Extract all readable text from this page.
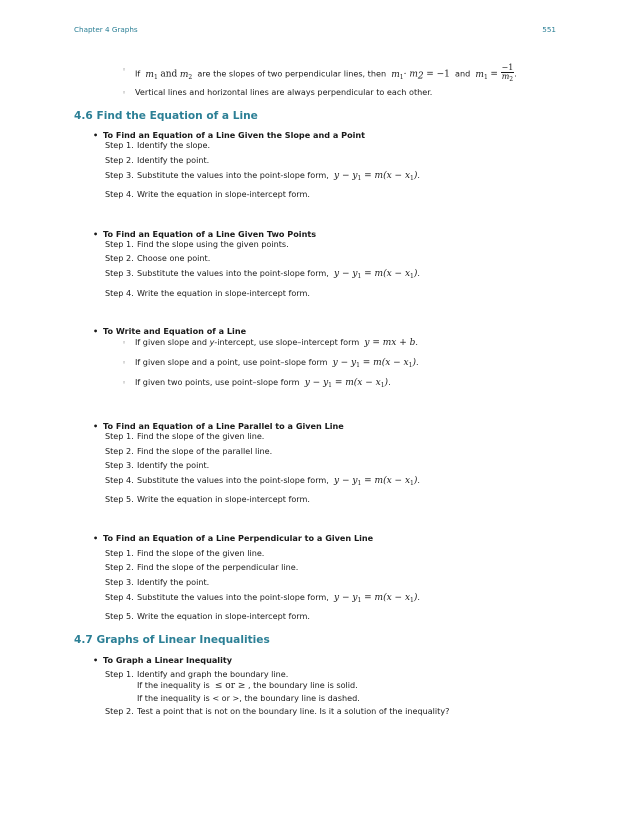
Chapter 4 Graphs	551
◦ If $m_1$ and $m_2$ are the slopes of two perpendicular lines, then $m_1\cdot m_2 = -1$ and $m_1 = \frac{-1}{m_2}$ .
◦ Vertical lines and horizontal lines are always perpendicular to each other.
4.6 Find the Equation of a Line
• To Find an Equation of a Line Given the Slope and a Point
Step 1. Identify the slope.
Step 2. Identify the point.
Step 3. Substitute the values into the point-slope form, $y - y_1 = m(x - x_1)$.
Step 4. Write the equation in slope-intercept form.
• To Find an Equation of a Line Given Two Points
Step 1. Find the slope using the given points.
Step 2. Choose one point.
Step 3. Substitute the values into the point-slope form, $y - y_1 = m(x - x_1)$.
Step 4. Write the equation in slope-intercept form.
• To Write and Equation of a Line
◦ If given slope and y-intercept, use slope–intercept form y = mx + b.
◦ If given slope and a point, use point–slope form $y - y_1 = m(x - x_1)$.
◦ If given two points, use point–slope form $y - y_1 = m(x - x_1)$.
• To Find an Equation of a Line Parallel to a Given Line
Step 1. Find the slope of the given line.
Step 2. Find the slope of the parallel line.
Step 3. Identify the point.
Step 4. Substitute the values into the point-slope form, $y - y_1 = m(x - x_1)$.
Step 5. Write the equation in slope-intercept form.
• To Find an Equation of a Line Perpendicular to a Given Line
Step 1. Find the slope of the given line.
Step 2. Find the slope of the perpendicular line.
Step 3. Identify the point.
Step 4. Substitute the values into the point-slope form, $y - y_1 = m(x - x_1)$.
Step 5. Write the equation in slope-intercept form.
4.7 Graphs of Linear Inequalities
• To Graph a Linear Inequality
Step 1. Identify and graph the boundary line.
If the inequality is ≤ or ≥ , the boundary line is solid.
If the inequality is < or >, the boundary line is dashed.
Step 2. Test a point that is not on the boundary line. Is it a solution of the inequality?
